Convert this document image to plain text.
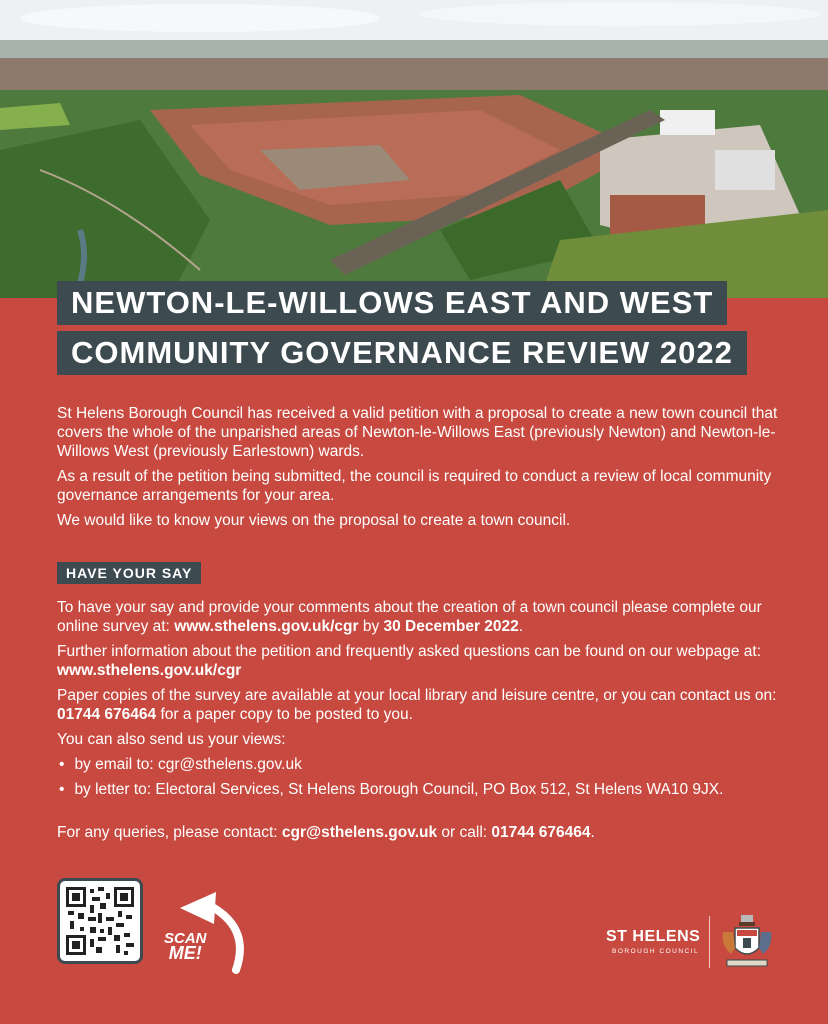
NEWTON-LE-WILLOWS EAST AND WEST
COMMUNITY GOVERNANCE REVIEW 2022

St Helens Borough Council has received a valid petition with a proposal to create a new town council that covers the whole of the unparished areas of Newton-le-Willows East (previously Newton) and Newton-le-Willows West (previously Earlestown) wards.

As a result of the petition being submitted, the council is required to conduct a review of local community governance arrangements for your area.

We would like to know your views on the proposal to create a town council.

HAVE YOUR SAY

To have your say and provide your comments about the creation of a town council please complete our online survey at: www.sthelens.gov.uk/cgr by 30 December 2022.

Further information about the petition and frequently asked questions can be found on our webpage at: www.sthelens.gov.uk/cgr

Paper copies of the survey are available at your local library and leisure centre, or you can contact us on: 01744 676464 for a paper copy to be posted to you.

You can also send us your views:

• by email to: cgr@sthelens.gov.uk
• by letter to: Electoral Services, St Helens Borough Council, PO Box 512, St Helens WA10 9JX.

For any queries, please contact: cgr@sthelens.gov.uk or call: 01744 676464.

SCAN
ME!
ST HELENS
BOROUGH COUNCIL
